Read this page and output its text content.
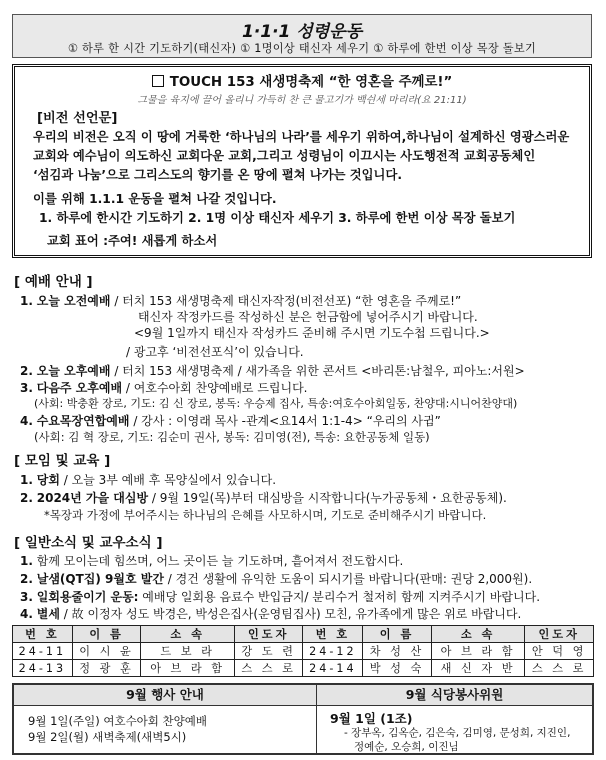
1·1·1 성령운동
① 하루 한 시간 기도하기(태신자) ① 1명이상 태신자 세우기 ① 하루에 한번 이상 목장 돌보기
TOUCH 153 새생명축제 “한 영혼을 주께로!”
그물을 육지에 끌어 올리니 가득히 찬 큰 물고기가 백쉰세 마리라(요 21:11)
[비전 선언문]
우리의 비전은 오직 이 땅에 거룩한 ‘하나님의 나라’를 세우기 위하여,하나님이 설계하신 영광스러운
교회와 예수님이 의도하신 교회다운 교회,그리고 성령님이 이끄시는 사도행전적 교회공동체인
‘섬김과 나눔’으로 그리스도의 향기를 온 땅에 펼쳐 나가는 것입니다.
이를 위해 1.1.1 운동을 펼쳐 나갈 것입니다.
1. 하루에 한시간 기도하기 2. 1명 이상 태신자 세우기 3. 하루에 한번 이상 목장 돌보기
교회 표어 :주여! 새롭게 하소서
[ 예배 안내 ]
1. 오늘 오전예배 / 터치 153 새생명축제 태신자작정(비전선포) “한 영혼을 주께로!”
태신자 작정카드를 작성하신 분은 헌금함에 넣어주시기 바랍니다.
<9월 1일까지 태신자 작성카드 준비해 주시면 기도수첩 드립니다.>
/ 광고후 ‘비전선포식’이 있습니다.
2. 오늘 오후예배 / 터치 153 새생명축제 / 새가족을 위한 콘서트 <바리톤:남철우, 피아노:서원>
3. 다음주 오후예배 / 여호수아회 찬양예배로 드립니다.
(사회: 박충환 장로, 기도: 김 신 장로, 봉독: 우승제 집사, 특송:여호수아회일동, 찬양대:시니어찬양대)
4. 수요목장연합예배 / 강사 : 이영래 목사 -관계<요14서 1:1-4> “우리의 사귐”
(사회: 김 혁 장로, 기도: 김순미 권사, 봉독: 김미영(전), 특송: 요한공동체 일동)
[ 모임 및 교육 ]
1. 당회 / 오늘 3부 예배 후 목양실에서 있습니다.
2. 2024년 가을 대심방 / 9월 19일(목)부터 대심방을 시작합니다(누가공동체・요한공동체).
*목장과 가정에 부어주시는 하나님의 은혜를 사모하시며, 기도로 준비해주시기 바랍니다.
[ 일반소식 및 교우소식 ]
1. 함께 모이는데 힘쓰며, 어느 곳이든 늘 기도하며, 흩어져서 전도합시다.
2. 날샘(QT집) 9월호 발간 / 경건 생활에 유익한 도움이 되시기를 바랍니다(판매: 권당 2,000원).
3. 일회용줄이기 운동: 예배당 일회용 음료수 반입금지/ 분리수거 철저히 함께 지켜주시기 바랍니다.
4. 별세 / 故 이정자 성도 박경은, 박성은집사(운영팀집사) 모친, 유가족에게 많은 위로 바랍니다.
번 호	이 름	소 속	인도자	번 호	이 름	소 속	인도자
24-11	이 시 윤	드 보 라	강 도 련	24-12	차 성 산	아 브 라 함	안 덕 영
24-13	정 광 훈	아 브 라 함	스 스 로	24-14	박 성 숙	새 신 자 반	스 스 로
9월 행사 안내	9월 식당봉사위원
9월 1일(주일) 여호수아회 찬양예배
9월 2일(월) 새벽축제(새벽5시)
9월 1일 (1조)
- 장부옥, 김옥순, 김은숙, 김미영, 문성희, 지진인,
정예순, 오승희, 이진님
